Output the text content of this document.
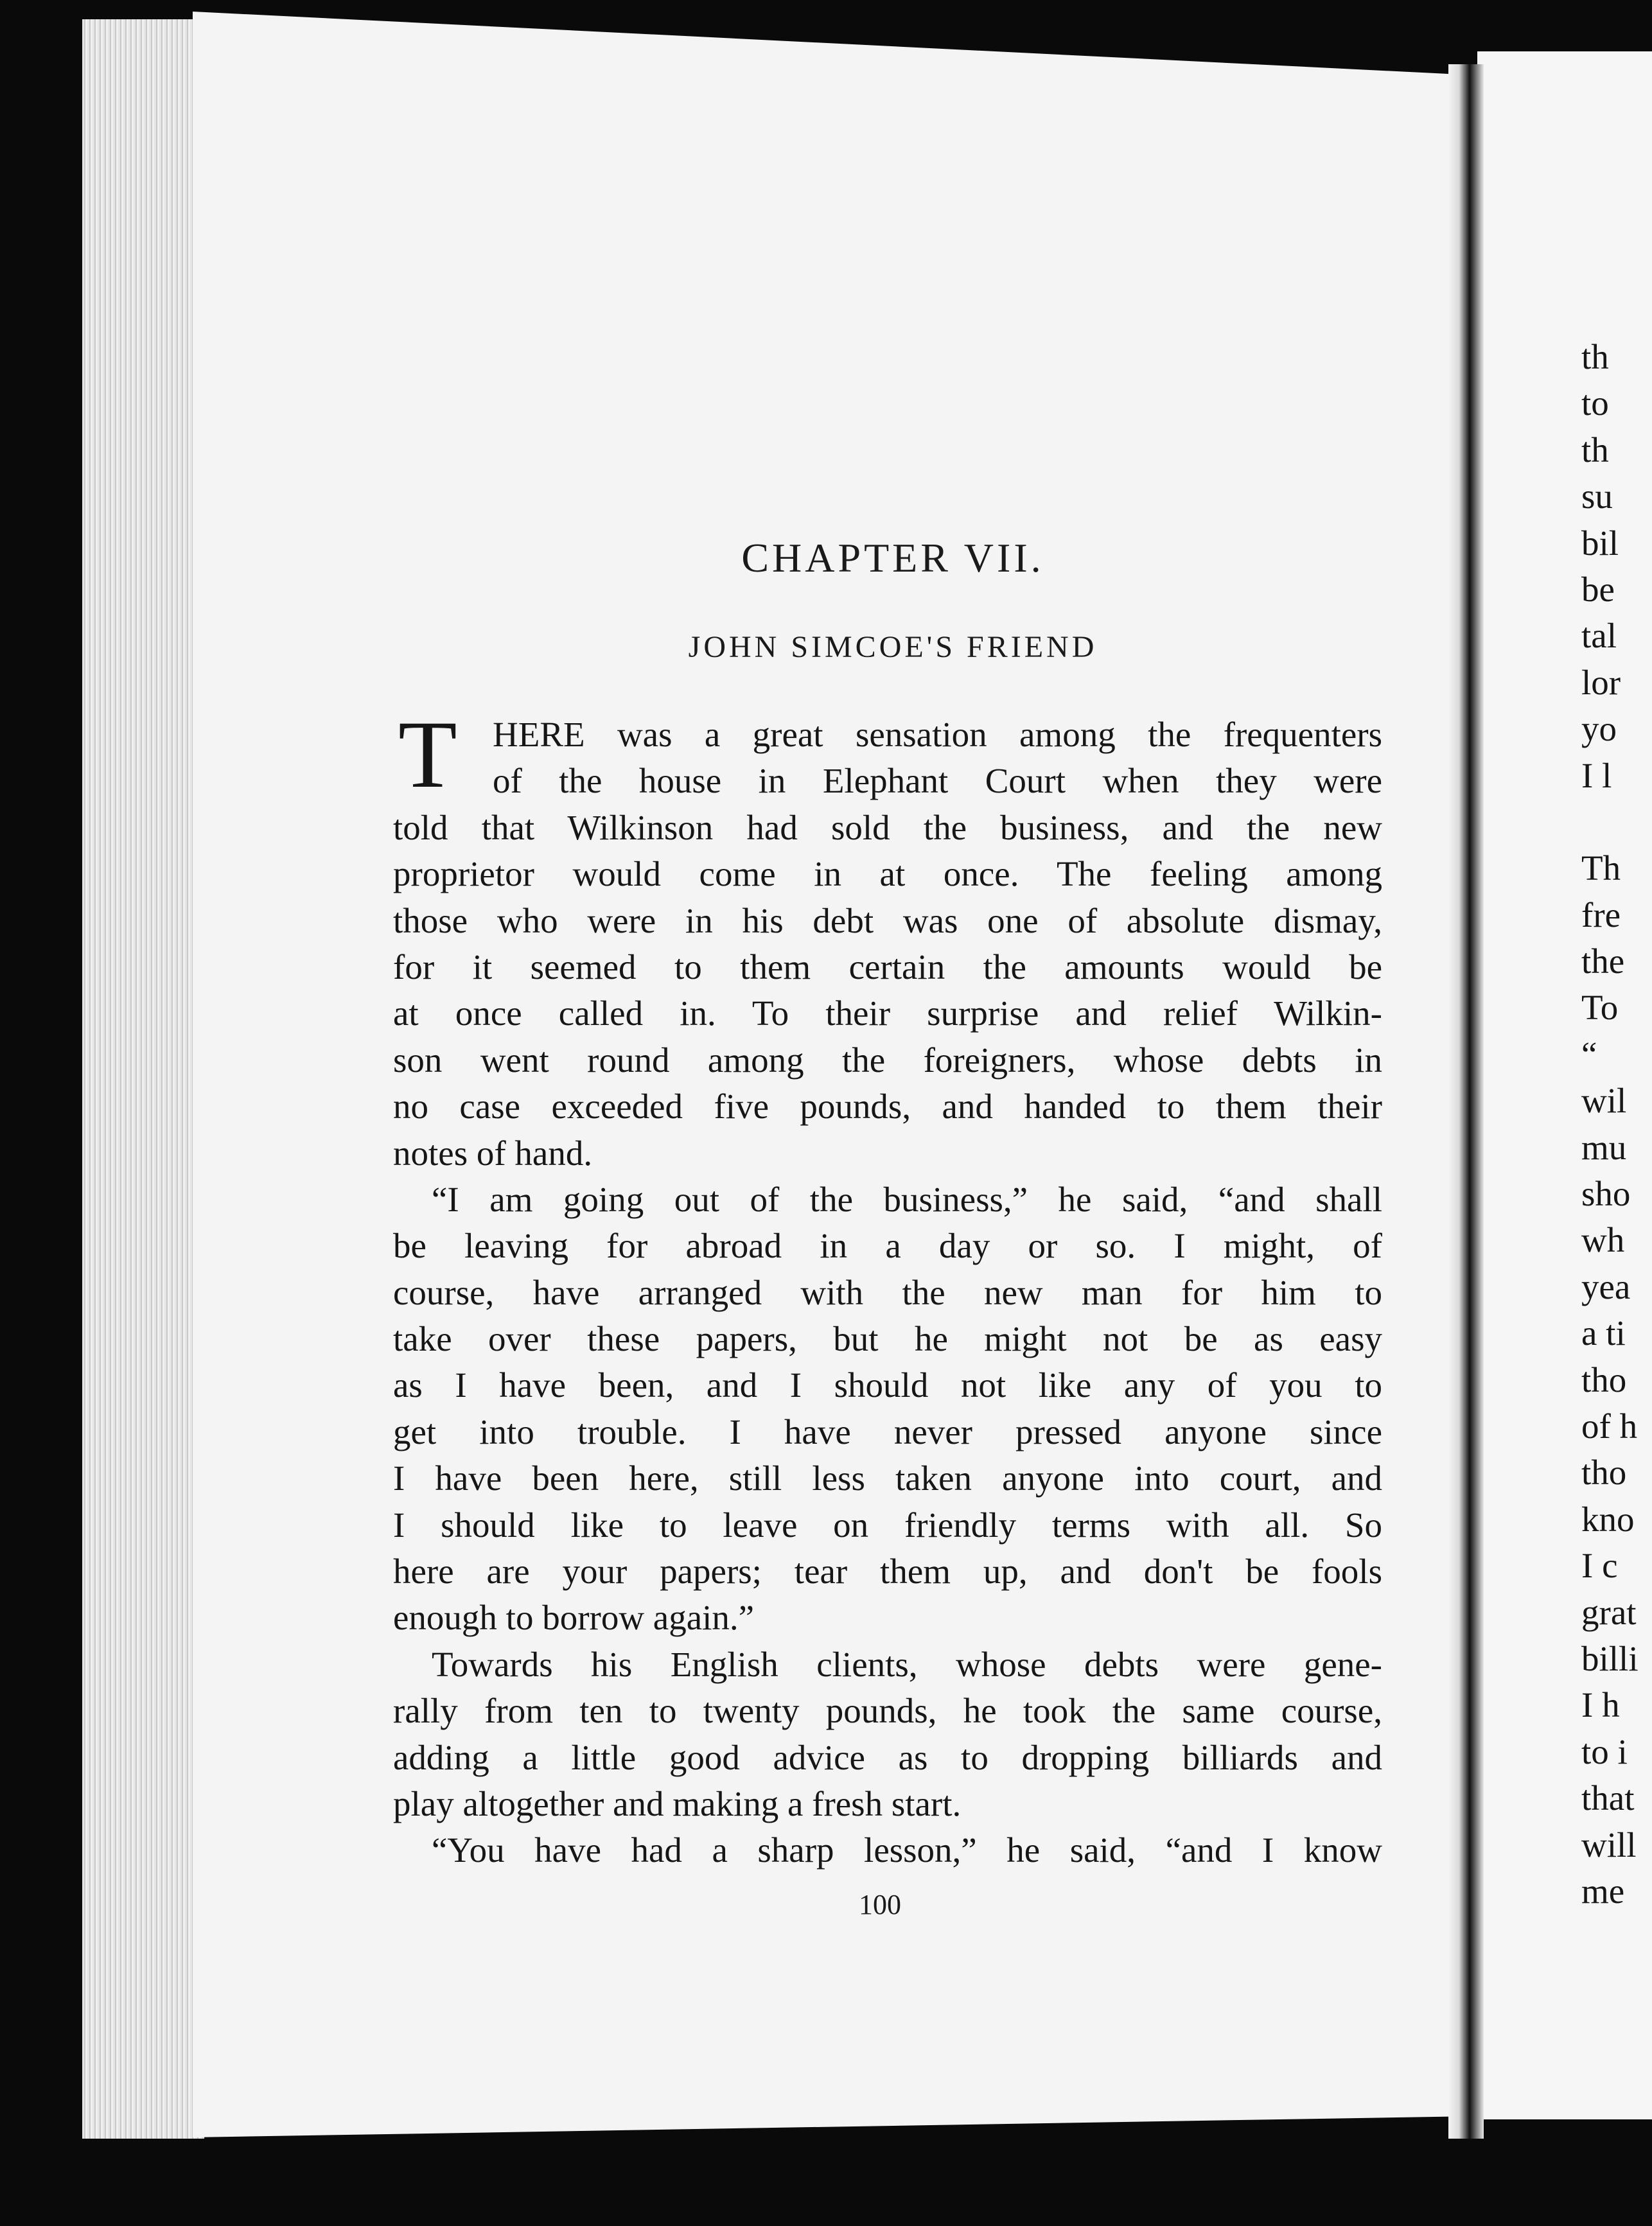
CHAPTER VII.
JOHN SIMCOE'S FRIEND
T	HERE was a great sensation among the frequenters
of the house in Elephant Court when they were
told that Wilkinson had sold the business, and the new
proprietor would come in at once. The feeling among
those who were in his debt was one of absolute dismay,
for it seemed to them certain the amounts would be
at once called in. To their surprise and relief Wilkin-
son went round among the foreigners, whose debts in
no case exceeded five pounds, and handed to them their
notes of hand.
“I am going out of the business,” he said, “and shall
be leaving for abroad in a day or so. I might, of
course, have arranged with the new man for him to
take over these papers, but he might not be as easy
as I have been, and I should not like any of you to
get into trouble. I have never pressed anyone since
I have been here, still less taken anyone into court, and
I should like to leave on friendly terms with all. So
here are your papers; tear them up, and don't be fools
enough to borrow again.”
Towards his English clients, whose debts were gene-
rally from ten to twenty pounds, he took the same course,
adding a little good advice as to dropping billiards and
play altogether and making a fresh start.
“You have had a sharp lesson,” he said, “and I know
100
th
to
th
su
bil
be
tal
lor
yo
I l
Th
fre
the
To
“
wil
mu
sho
wh
yea
a ti
tho
of h
tho
kno
I c
grat
billi
I h
to i
that
will
me
